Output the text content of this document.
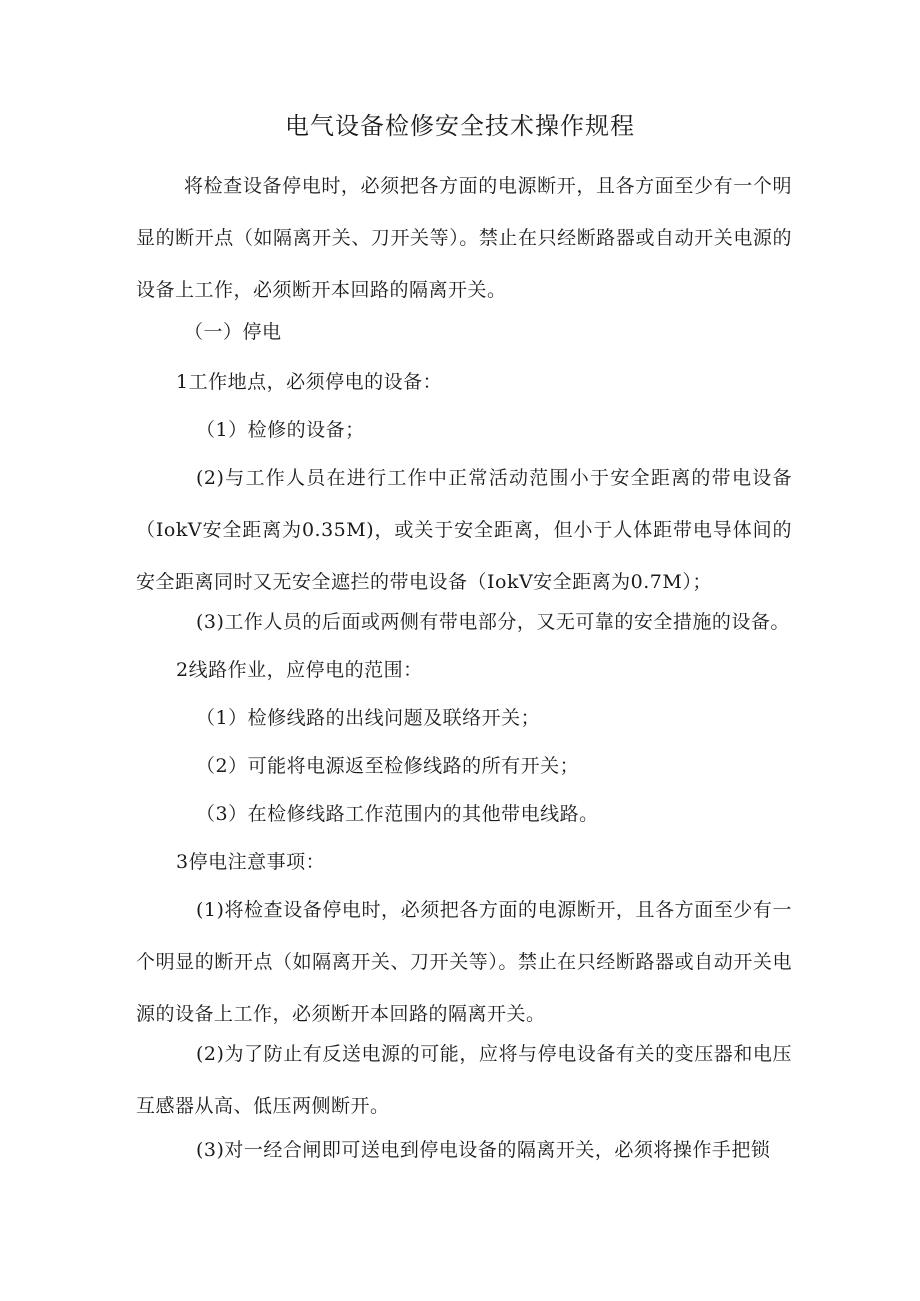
电气设备检修安全技术操作规程
将检查设备停电时，必须把各方面的电源断开，且各方面至少有一个明显的断开点（如隔离开关、刀开关等）。禁止在只经断路器或自动开关电源的设备上工作，必须断开本回路的隔离开关。
（一）停电
1工作地点，必须停电的设备：
（1）检修的设备；
(2)与工作人员在进行工作中正常活动范围小于安全距离的带电设备（IokV安全距离为0.35M)，或关于安全距离，但小于人体距带电导体间的安全距离同时又无安全遮拦的带电设备（IokV安全距离为0.7M）；
(3)工作人员的后面或两侧有带电部分，又无可靠的安全措施的设备。
2线路作业，应停电的范围：
（1）检修线路的出线问题及联络开关；
（2）可能将电源返至检修线路的所有开关；
（3）在检修线路工作范围内的其他带电线路。
3停电注意事项：
(1)将检查设备停电时，必须把各方面的电源断开，且各方面至少有一个明显的断开点（如隔离开关、刀开关等）。禁止在只经断路器或自动开关电源的设备上工作，必须断开本回路的隔离开关。
(2)为了防止有反送电源的可能，应将与停电设备有关的变压器和电压互感器从高、低压两侧断开。
(3)对一经合闸即可送电到停电设备的隔离开关，必须将操作手把锁
